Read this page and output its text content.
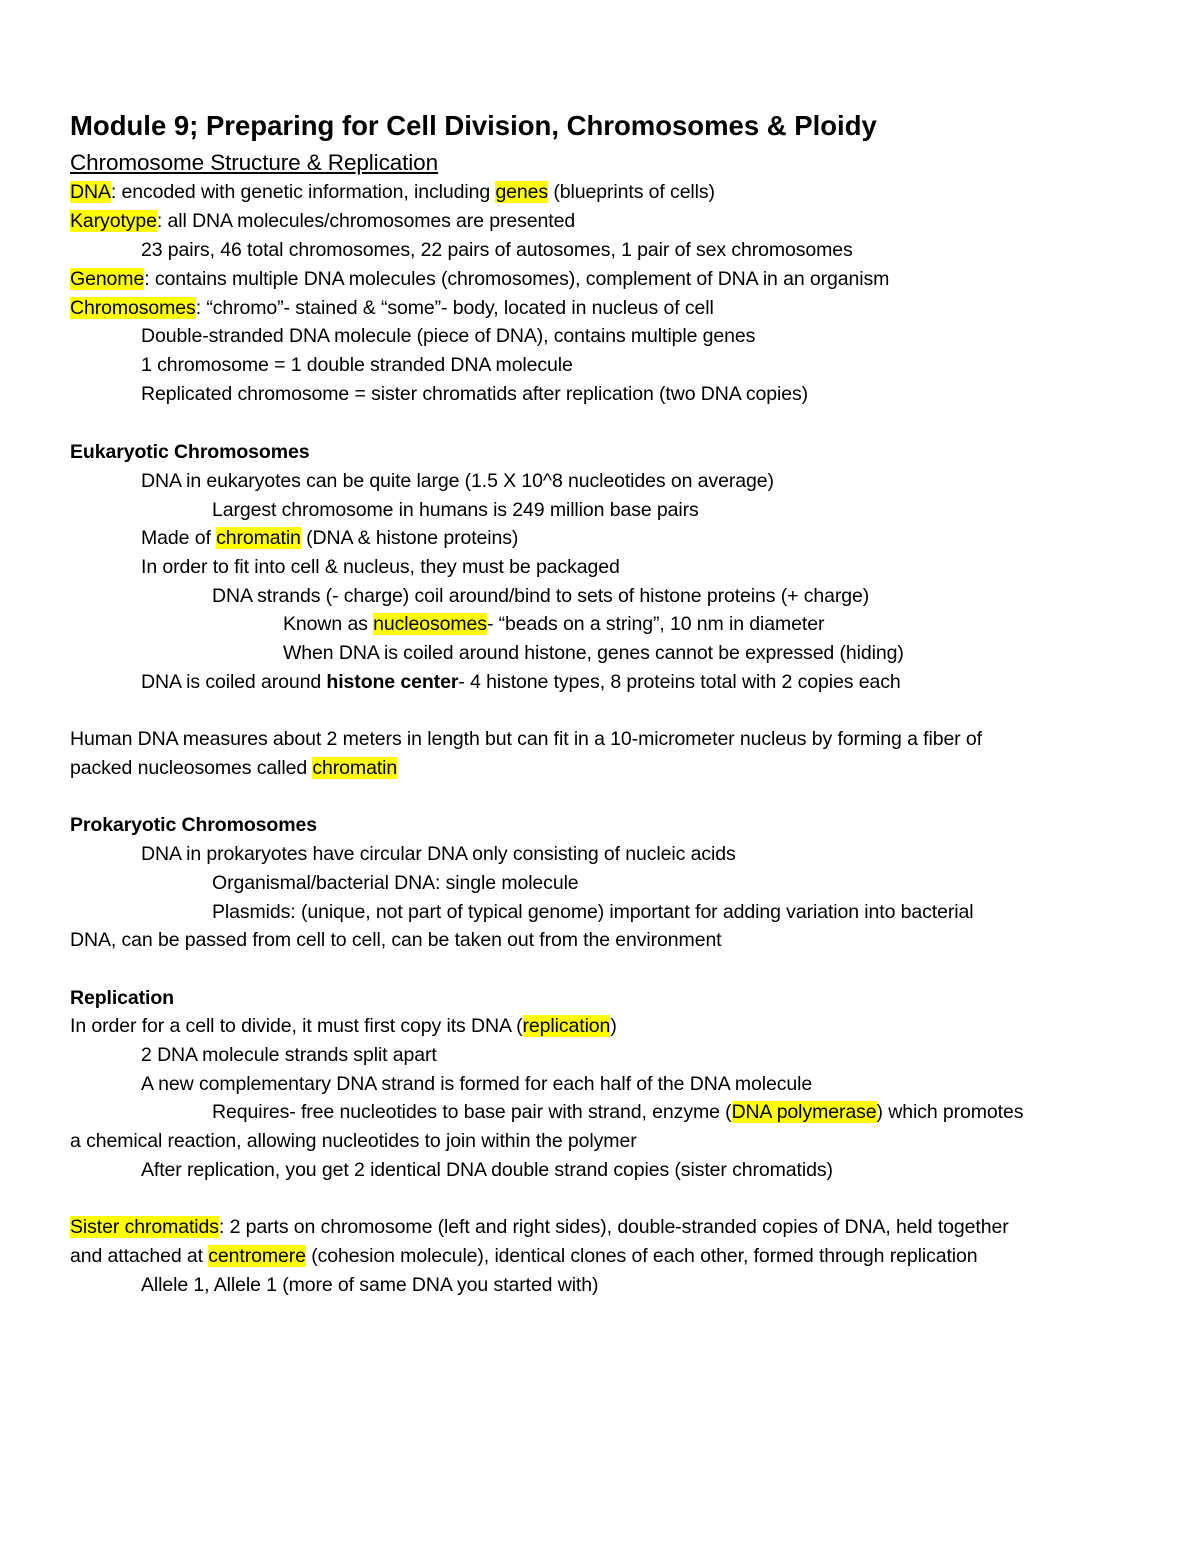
Module 9; Preparing for Cell Division, Chromosomes & Ploidy
Chromosome Structure & Replication
DNA: encoded with genetic information, including genes (blueprints of cells)
Karyotype: all DNA molecules/chromosomes are presented
23 pairs, 46 total chromosomes, 22 pairs of autosomes, 1 pair of sex chromosomes
Genome: contains multiple DNA molecules (chromosomes), complement of DNA in an organism
Chromosomes: “chromo”- stained & “some”- body, located in nucleus of cell
Double-stranded DNA molecule (piece of DNA), contains multiple genes
1 chromosome = 1 double stranded DNA molecule
Replicated chromosome = sister chromatids after replication (two DNA copies)
Eukaryotic Chromosomes
DNA in eukaryotes can be quite large (1.5 X 10^8 nucleotides on average)
Largest chromosome in humans is 249 million base pairs
Made of chromatin (DNA & histone proteins)
In order to fit into cell & nucleus, they must be packaged
DNA strands (- charge) coil around/bind to sets of histone proteins (+ charge)
Known as nucleosomes- “beads on a string”, 10 nm in diameter
When DNA is coiled around histone, genes cannot be expressed (hiding)
DNA is coiled around histone center- 4 histone types, 8 proteins total with 2 copies each
Human DNA measures about 2 meters in length but can fit in a 10-micrometer nucleus by forming a fiber of
packed nucleosomes called chromatin
Prokaryotic Chromosomes
DNA in prokaryotes have circular DNA only consisting of nucleic acids
Organismal/bacterial DNA: single molecule
Plasmids: (unique, not part of typical genome) important for adding variation into bacterial
DNA, can be passed from cell to cell, can be taken out from the environment
Replication
In order for a cell to divide, it must first copy its DNA (replication)
2 DNA molecule strands split apart
A new complementary DNA strand is formed for each half of the DNA molecule
Requires- free nucleotides to base pair with strand, enzyme (DNA polymerase) which promotes
a chemical reaction, allowing nucleotides to join within the polymer
After replication, you get 2 identical DNA double strand copies (sister chromatids)
Sister chromatids: 2 parts on chromosome (left and right sides), double-stranded copies of DNA, held together
and attached at centromere (cohesion molecule), identical clones of each other, formed through replication
Allele 1, Allele 1 (more of same DNA you started with)
